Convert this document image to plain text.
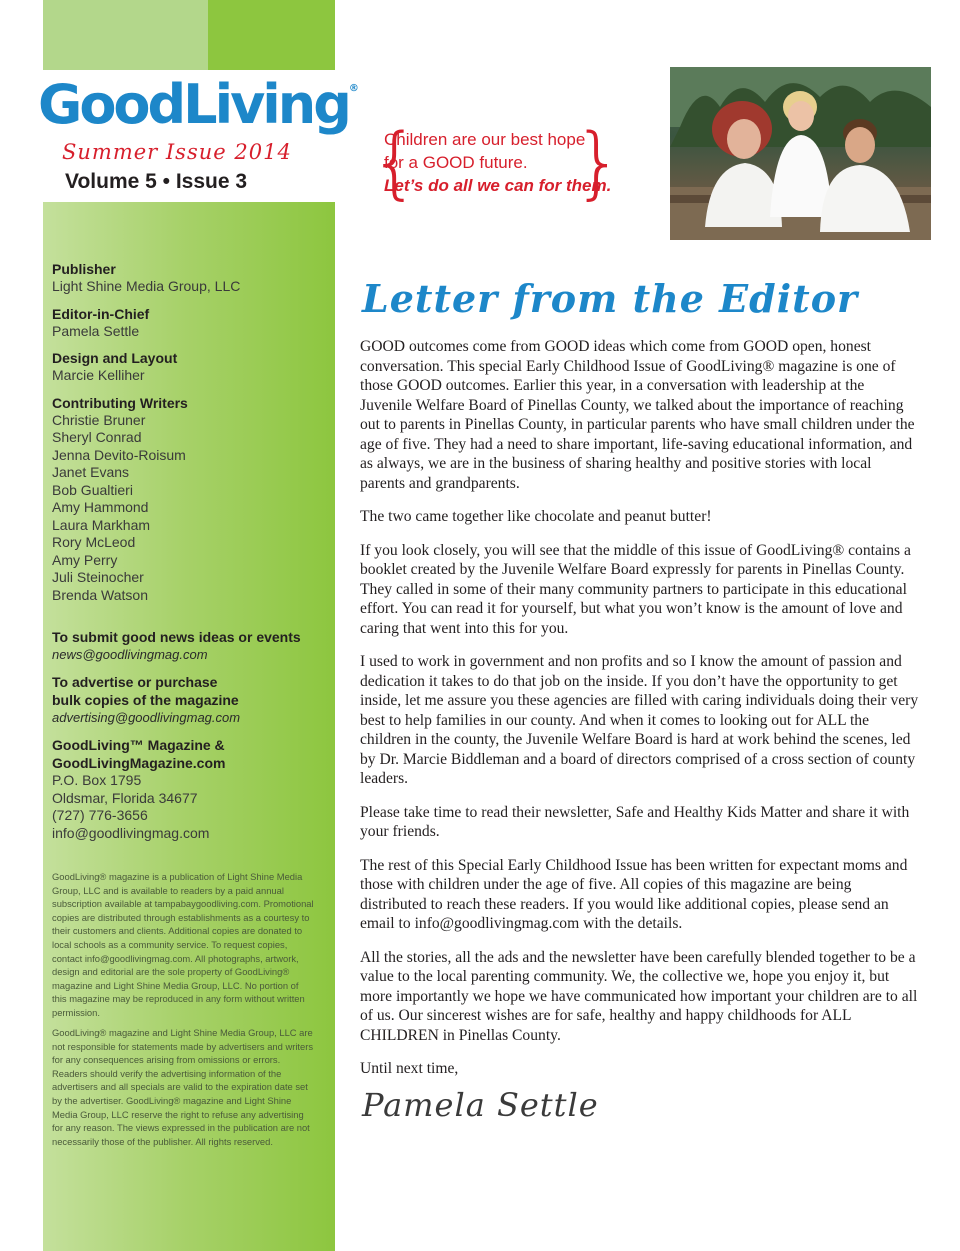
GoodLiving®
Summer Issue 2014
Volume 5 • Issue 3 {
Children are our best hope
for a GOOD future.
Let’s do all we can for them.
}
Publisher
Light Shine Media Group, LLC
Editor-in-Chief
Pamela Settle
Design and Layout
Marcie Kelliher
Contributing Writers
Christie Bruner
Sheryl Conrad
Jenna Devito-Roisum
Janet Evans
Bob Gualtieri
Amy Hammond
Laura Markham
Rory McLeod
Amy Perry
Juli Steinocher
Brenda Watson
To submit good news ideas or events
news@goodlivingmag.com
To advertise or purchase
bulk copies of the magazine
advertising@goodlivingmag.com
GoodLiving™ Magazine &
GoodLivingMagazine.com
P.O. Box 1795
Oldsmar, Florida 34677
(727) 776-3656
info@goodlivingmag.com
GoodLiving® magazine is a publication of Light Shine Media Group, LLC and is available to readers by a paid annual subscription available at tampabaygoodliving.com. Promotional copies are distributed through establishments as a courtesy to their customers and clients. Additional copies are donated to local schools as a community service. To request copies, contact info@goodlivingmag.com. All photographs, artwork, design and editorial are the sole property of GoodLiving® magazine and Light Shine Media Group, LLC. No portion of this magazine may be reproduced in any form without written permission.
GoodLiving® magazine and Light Shine Media Group, LLC are not responsible for statements made by advertisers and writers for any consequences arising from omissions or errors. Readers should verify the advertising information of the advertisers and all specials are valid to the expiration date set by the advertiser. GoodLiving® magazine and Light Shine Media Group, LLC reserve the right to refuse any advertising for any reason. The views expressed in the publication are not necessarily those of the publisher. All rights reserved.
Letter from the Editor

GOOD outcomes come from GOOD ideas which come from GOOD open, honest conversation. This special Early Childhood Issue of GoodLiving® magazine is one of those GOOD outcomes. Earlier this year, in a conversation with leadership at the Juvenile Welfare Board of Pinellas County, we talked about the importance of reaching out to parents in Pinellas County, in particular parents who have small children under the age of five. They had a need to share important, life-saving educational information, and as always, we are in the business of sharing healthy and positive stories with local parents and grandparents.

The two came together like chocolate and peanut butter!

If you look closely, you will see that the middle of this issue of GoodLiving® contains a booklet created by the Juvenile Welfare Board expressly for parents in Pinellas County. They called in some of their many community partners to participate in this educational effort. You can read it for yourself, but what you won’t know is the amount of love and caring that went into this for you.

I used to work in government and non profits and so I know the amount of passion and dedication it takes to do that job on the inside. If you don’t have the opportunity to get inside, let me assure you these agencies are filled with caring individuals doing their very best to help families in our county. And when it comes to looking out for ALL the children in the county, the Juvenile Welfare Board is hard at work behind the scenes, led by Dr. Marcie Biddleman and a board of directors comprised of a cross section of county leaders.

Please take time to read their newsletter, Safe and Healthy Kids Matter and share it with your friends.

The rest of this Special Early Childhood Issue has been written for expectant moms and those with children under the age of five. All copies of this magazine are being distributed to reach these readers. If you would like additional copies, please send an email to info@goodlivingmag.com with the details.

All the stories, all the ads and the newsletter have been carefully blended together to be a value to the local parenting community. We, the collective we, hope you enjoy it, but more importantly we hope we have communicated how important your children are to all of us. Our sincerest wishes are for safe, healthy and happy childhoods for ALL CHILDREN in Pinellas County.

Until next time,

Pamela Settle
